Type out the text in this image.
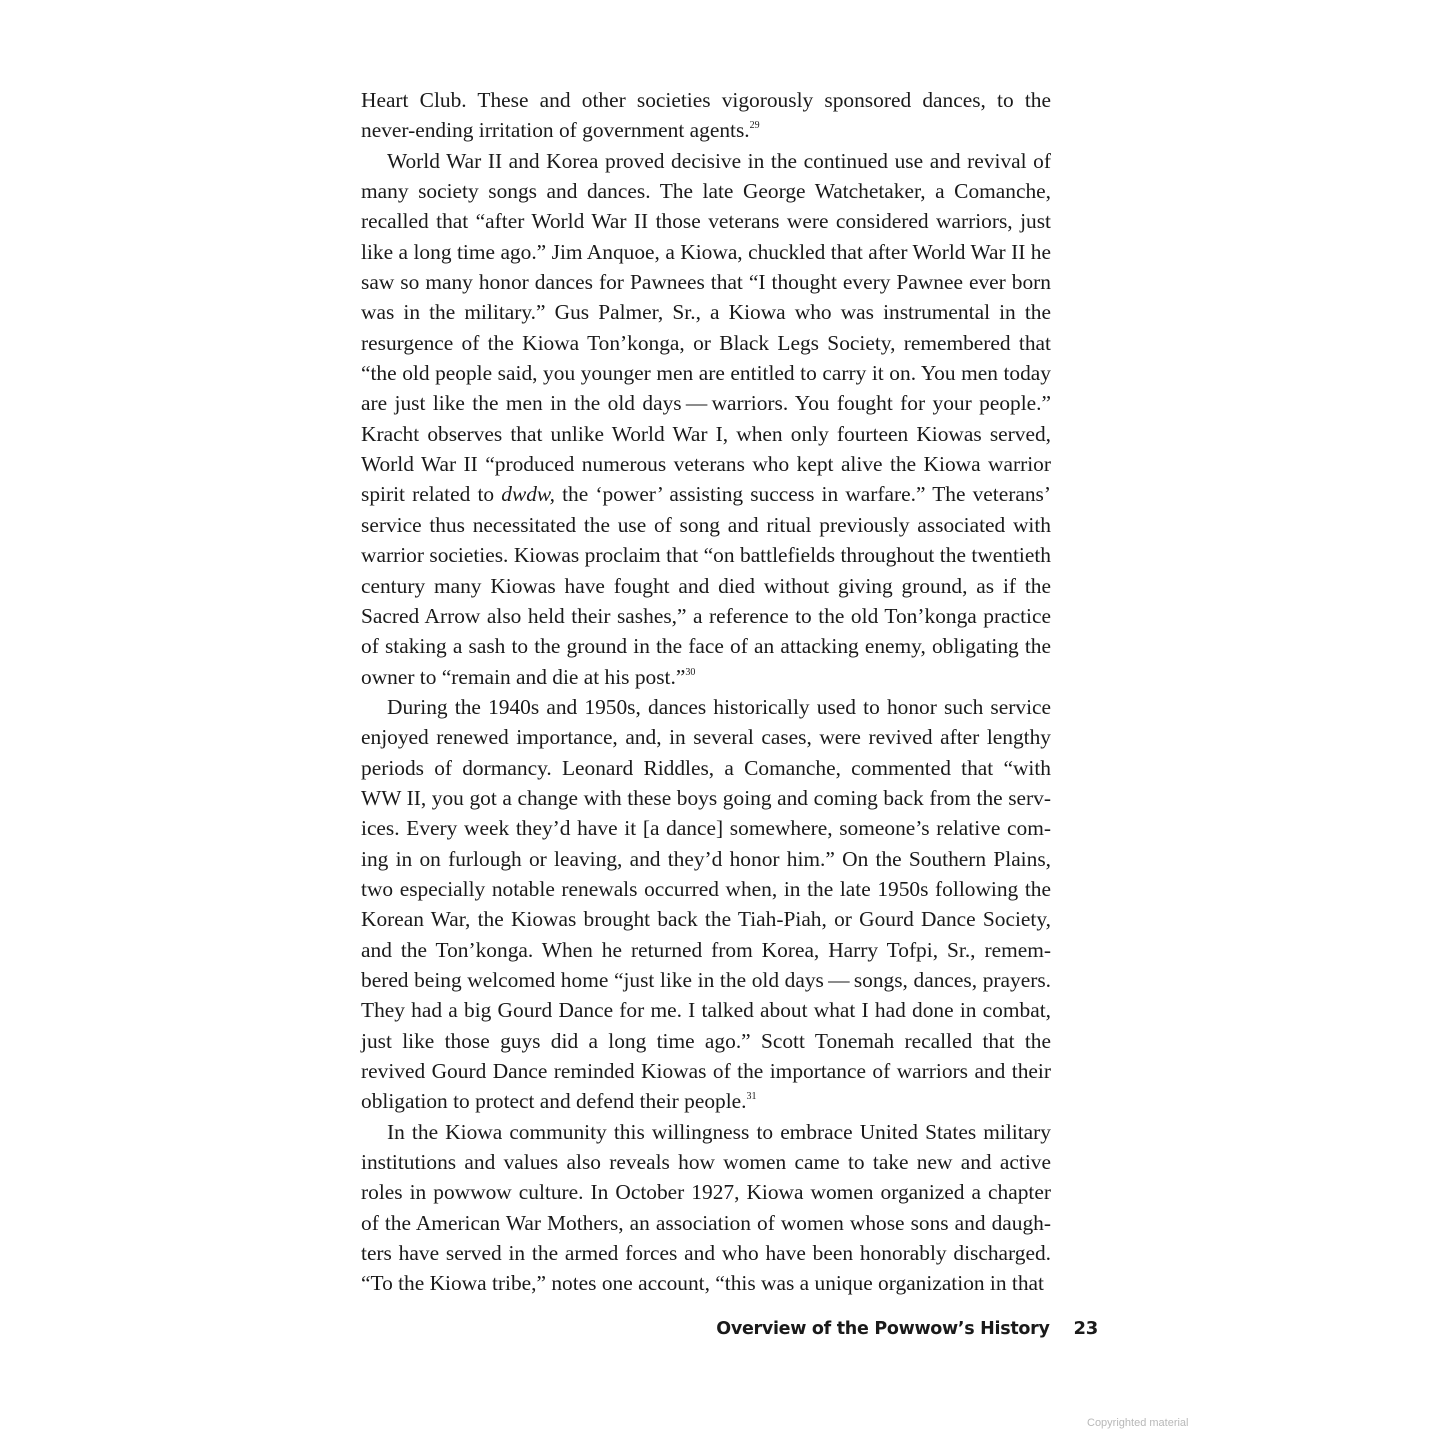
Heart Club. These and other societies vigorously sponsored dances, to the never-ending irritation of government agents.$^{29}$

World War II and Korea proved decisive in the continued use and revival of many society songs and dances. The late George Watchetaker, a Comanche, recalled that “after World War II those veterans were considered warriors, just like a long time ago.” Jim Anquoe, a Kiowa, chuckled that after World War II he saw so many honor dances for Pawnees that “I thought every Pawnee ever born was in the military.” Gus Palmer, Sr., a Kiowa who was instrumental in the resurgence of the Kiowa Ton’konga, or Black Legs Society, remembered that “the old people said, you younger men are entitled to carry it on. You men today are just like the men in the old days — warriors. You fought for your people.” Kracht observes that unlike World War I, when only fourteen Kiowas served, World War II “produced numerous veterans who kept alive the Kiowa warrior spirit related to dwdw, the ‘power’ assisting success in warfare.” The veterans’ service thus necessitated the use of song and ritual previously associated with warrior societies. Kiowas proclaim that “on battlefields throughout the twentieth century many Kiowas have fought and died without giving ground, as if the Sacred Arrow also held their sashes,” a reference to the old Ton’konga practice of staking a sash to the ground in the face of an attacking enemy, obligating the owner to “remain and die at his post.”$^{30}$

During the 1940s and 1950s, dances historically used to honor such service enjoyed renewed importance, and, in several cases, were revived after lengthy periods of dormancy. Leonard Riddles, a Comanche, commented that “with WW II, you got a change with these boys going and coming back from the services. Every week they’d have it [a dance] somewhere, someone’s relative coming in on furlough or leaving, and they’d honor him.” On the Southern Plains, two especially notable renewals occurred when, in the late 1950s following the Korean War, the Kiowas brought back the Tiah-Piah, or Gourd Dance Society, and the Ton’konga. When he returned from Korea, Harry Tofpi, Sr., remembered being welcomed home “just like in the old days — songs, dances, prayers. They had a big Gourd Dance for me. I talked about what I had done in combat, just like those guys did a long time ago.” Scott Tonemah recalled that the revived Gourd Dance reminded Kiowas of the importance of warriors and their obligation to protect and defend their people.$^{31}$

In the Kiowa community this willingness to embrace United States military institutions and values also reveals how women came to take new and active roles in powwow culture. In October 1927, Kiowa women organized a chapter of the American War Mothers, an association of women whose sons and daughters have served in the armed forces and who have been honorably discharged. “To the Kiowa tribe,” notes one account, “this was a unique organization in that

Overview of the Powwow’s History 23
Copyrighted material
